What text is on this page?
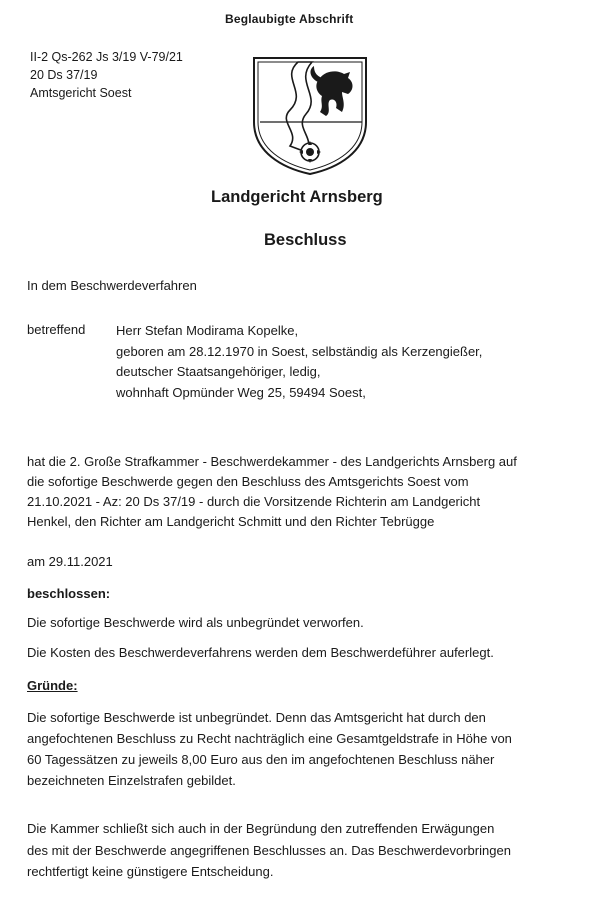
Beglaubigte Abschrift
II-2 Qs-262 Js 3/19 V-79/21
20 Ds 37/19
Amtsgericht Soest
Landgericht Arnsberg
Beschluss
In dem Beschwerdeverfahren
betreffend Herr Stefan Modirama Kopelke,
geboren am 28.12.1970 in Soest, selbständig als Kerzengießer,
deutscher Staatsangehöriger, ledig,
wohnhaft Opmünder Weg 25, 59494 Soest,
hat die 2. Große Strafkammer - Beschwerdekammer - des Landgerichts Arnsberg auf
die sofortige Beschwerde gegen den Beschluss des Amtsgerichts Soest vom
21.10.2021 - Az: 20 Ds 37/19 - durch die Vorsitzende Richterin am Landgericht
Henkel, den Richter am Landgericht Schmitt und den Richter Tebrügge
am 29.11.2021
beschlossen:
Die sofortige Beschwerde wird als unbegründet verworfen.
Die Kosten des Beschwerdeverfahrens werden dem Beschwerdeführer auferlegt.
Gründe:
Die sofortige Beschwerde ist unbegründet. Denn das Amtsgericht hat durch den
angefochtenen Beschluss zu Recht nachträglich eine Gesamtgeldstrafe in Höhe von
60 Tagessätzen zu jeweils 8,00 Euro aus den im angefochtenen Beschluss näher
bezeichneten Einzelstrafen gebildet.
Die Kammer schließt sich auch in der Begründung den zutreffenden Erwägungen
des mit der Beschwerde angegriffenen Beschlusses an. Das Beschwerdevorbringen
rechtfertigt keine günstigere Entscheidung.
